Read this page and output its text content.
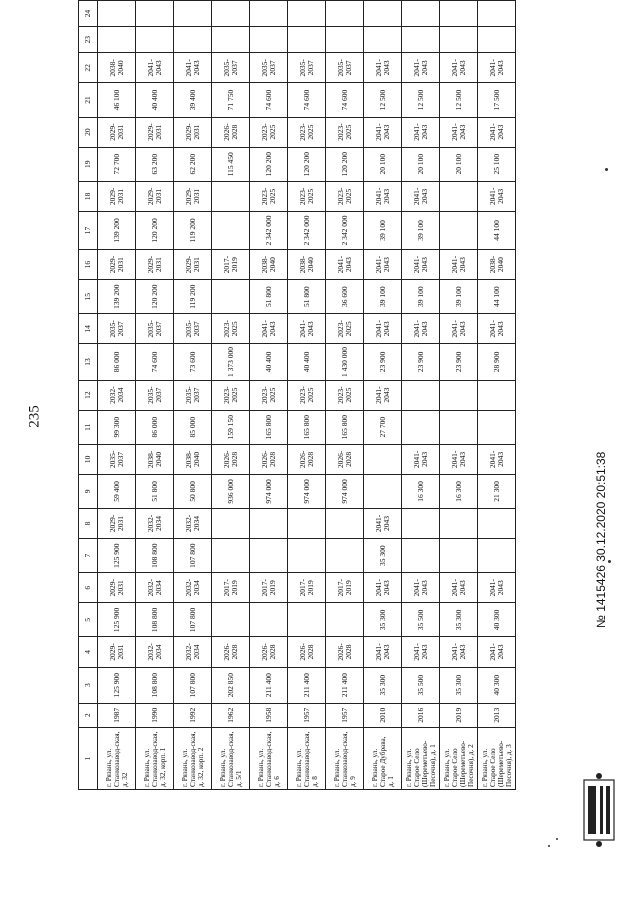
235
1	2	3	4	5	6	7	8	9	10	11	12	13	14	15	16	17	18	19	20	21	22	23	24
г. Рязань, ул. Станкозавод-ская, д. 32	1987	125 900	2029-2031	125 900	2029-2031	125 900	2029-2031	59 400	2035-2037	99 300	2032-2034	86 000	2035-2037	139 200	2029-2031	139 200	2029-2031	72 700	2029-2031	46 100	2038-2040		
г. Рязань, ул. Станкозавод-ская, д. 32, корп. 1	1990	108 800	2032-2034	108 800	2032-2034	108 800	2032-2034	51 800	2038-2040	86 000	2035-2037	74 600	2035-2037	120 200	2029-2031	120 200	2029-2031	63 200	2029-2031	40 400	2041-2043		
г. Рязань, ул. Станкозавод-ская, д. 32, корп. 2	1992	107 800	2032-2034	107 800	2032-2034	107 800	2032-2034	50 800	2038-2040	85 000	2035-2037	73 600	2035-2037	119 200	2029-2031	119 200	2029-2031	62 200	2029-2031	39 400	2041-2043		
г. Рязань, ул. Станкозавод-ская, д. 5/1	1962	202 850	2026-2028		2017-2019			936 000	2026-2028	159 150	2023-2025	1 373 000	2023-2025		2017-2019			115 450	2026-2028	71 750	2035-2037		
г. Рязань, ул. Станкозавод-ская, д. 6	1958	211 400	2026-2028		2017-2019			974 000	2026-2028	165 800	2023-2025	40 400	2041-2043	51 800	2038-2040	2 342 000	2023-2025	120 200	2023-2025	74 600	2035-2037		
г. Рязань, ул. Станкозавод-ская, д. 8	1957	211 400	2026-2028		2017-2019			974 000	2026-2028	165 800	2023-2025	40 400	2041-2043	51 800	2038-2040	2 342 000	2023-2025	120 200	2023-2025	74 600	2035-2037		
г. Рязань, ул. Станкозавод-ская, д. 9	1957	211 400	2026-2028		2017-2019			974 000	2026-2028	165 800	2023-2025	1 430 000	2023-2025	36 600	2041-2043	2 342 000	2023-2025	120 200	2023-2025	74 600	2035-2037		
г. Рязань, ул. Старое Дубрава, д. 1	2010	35 300	2041-2043	35 300	2041-2043	35 300	2041-2043			27 700	2041-2043	23 900	2041-2043	39 100	2041-2043	39 100	2041-2043	20 100	2041-2043	12 500	2041-2043		
г. Рязань, ул. Старое Село (Шереметьево-Песочня), д. 1	2016	35 500	2041-2043	35 500	2041-2043			16 300	2041-2043			23 900	2041-2043	39 100	2041-2043	39 100	2041-2043	20 100	2041-2043	12 500	2041-2043		
г. Рязань, ул. Старое Село (Шереметьево-Песочня), д. 2	2019	35 300	2041-2043	35 300	2041-2043			16 300	2041-2043			23 900	2041-2043	39 100	2041-2043			20 100	2041-2043	12 500	2041-2043		
г. Рязань, ул. Старое Село (Шереметьево-Песочня), д. 3	2013	40 300	2041-2043	40 300	2041-2043			21 300	2041-2043			28 900	2041-2043	44 100	2038-2040	44 100	2041-2043	25 100	2041-2043	17 500	2041-2043		
№ 1415426 30.12.2020 20:51:38
